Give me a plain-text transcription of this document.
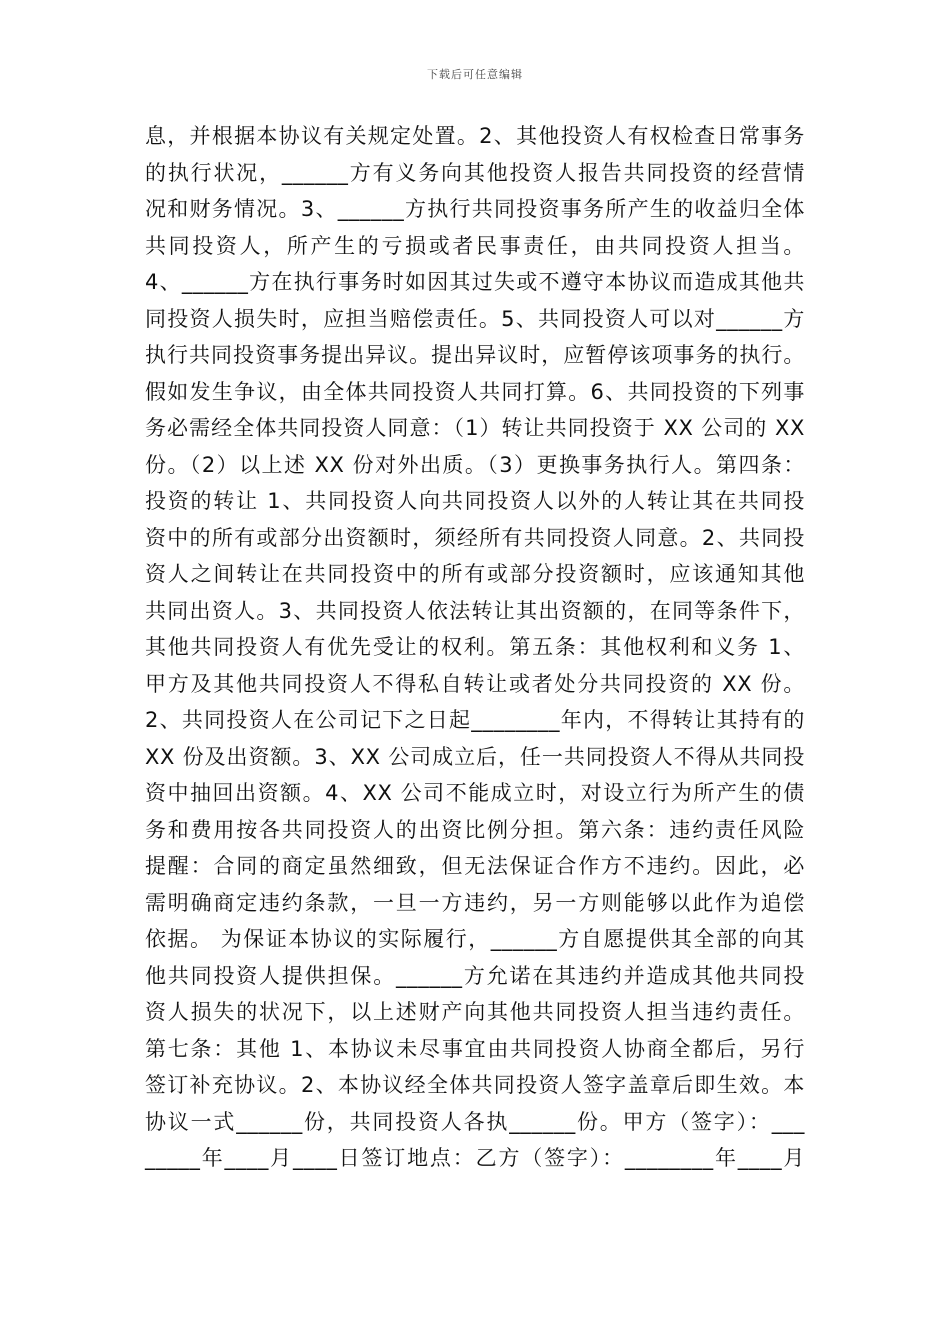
下载后可任意编辑
息，并根据本协议有关规定处置。2、其他投资人有权检查日常事务
的执行状况，______方有义务向其他投资人报告共同投资的经营情
况和财务情况。3、______方执行共同投资事务所产生的收益归全体
共同投资人，所产生的亏损或者民事责任，由共同投资人担当。
4、______方在执行事务时如因其过失或不遵守本协议而造成其他共
同投资人损失时，应担当赔偿责任。5、共同投资人可以对______方
执行共同投资事务提出异议。提出异议时，应暂停该项事务的执行。
假如发生争议，由全体共同投资人共同打算。6、共同投资的下列事
务必需经全体共同投资人同意：（1）转让共同投资于 XX 公司的 XX
份。（2）以上述 XX 份对外出质。（3）更换事务执行人。第四条：
投资的转让 1、共同投资人向共同投资人以外的人转让其在共同投
资中的所有或部分出资额时，须经所有共同投资人同意。2、共同投
资人之间转让在共同投资中的所有或部分投资额时，应该通知其他
共同出资人。3、共同投资人依法转让其出资额的，在同等条件下，
其他共同投资人有优先受让的权利。第五条：其他权利和义务 1、
甲方及其他共同投资人不得私自转让或者处分共同投资的 XX 份。
2、共同投资人在公司记下之日起________年内，不得转让其持有的
XX 份及出资额。3、XX 公司成立后，任一共同投资人不得从共同投
资中抽回出资额。4、XX 公司不能成立时，对设立行为所产生的债
务和费用按各共同投资人的出资比例分担。第六条：违约责任风险
提醒：合同的商定虽然细致，但无法保证合作方不违约。因此，必
需明确商定违约条款，一旦一方违约，另一方则能够以此作为追偿
依据。 为保证本协议的实际履行，______方自愿提供其全部的向其
他共同投资人提供担保。______方允诺在其违约并造成其他共同投
资人损失的状况下，以上述财产向其他共同投资人担当违约责任。
第七条：其他 1、本协议未尽事宜由共同投资人协商全都后，另行
签订补充协议。2、本协议经全体共同投资人签字盖章后即生效。本
协议一式______份，共同投资人各执______份。甲方（签字）：___
_____年____月____日签订地点：乙方（签字）：________年____月
